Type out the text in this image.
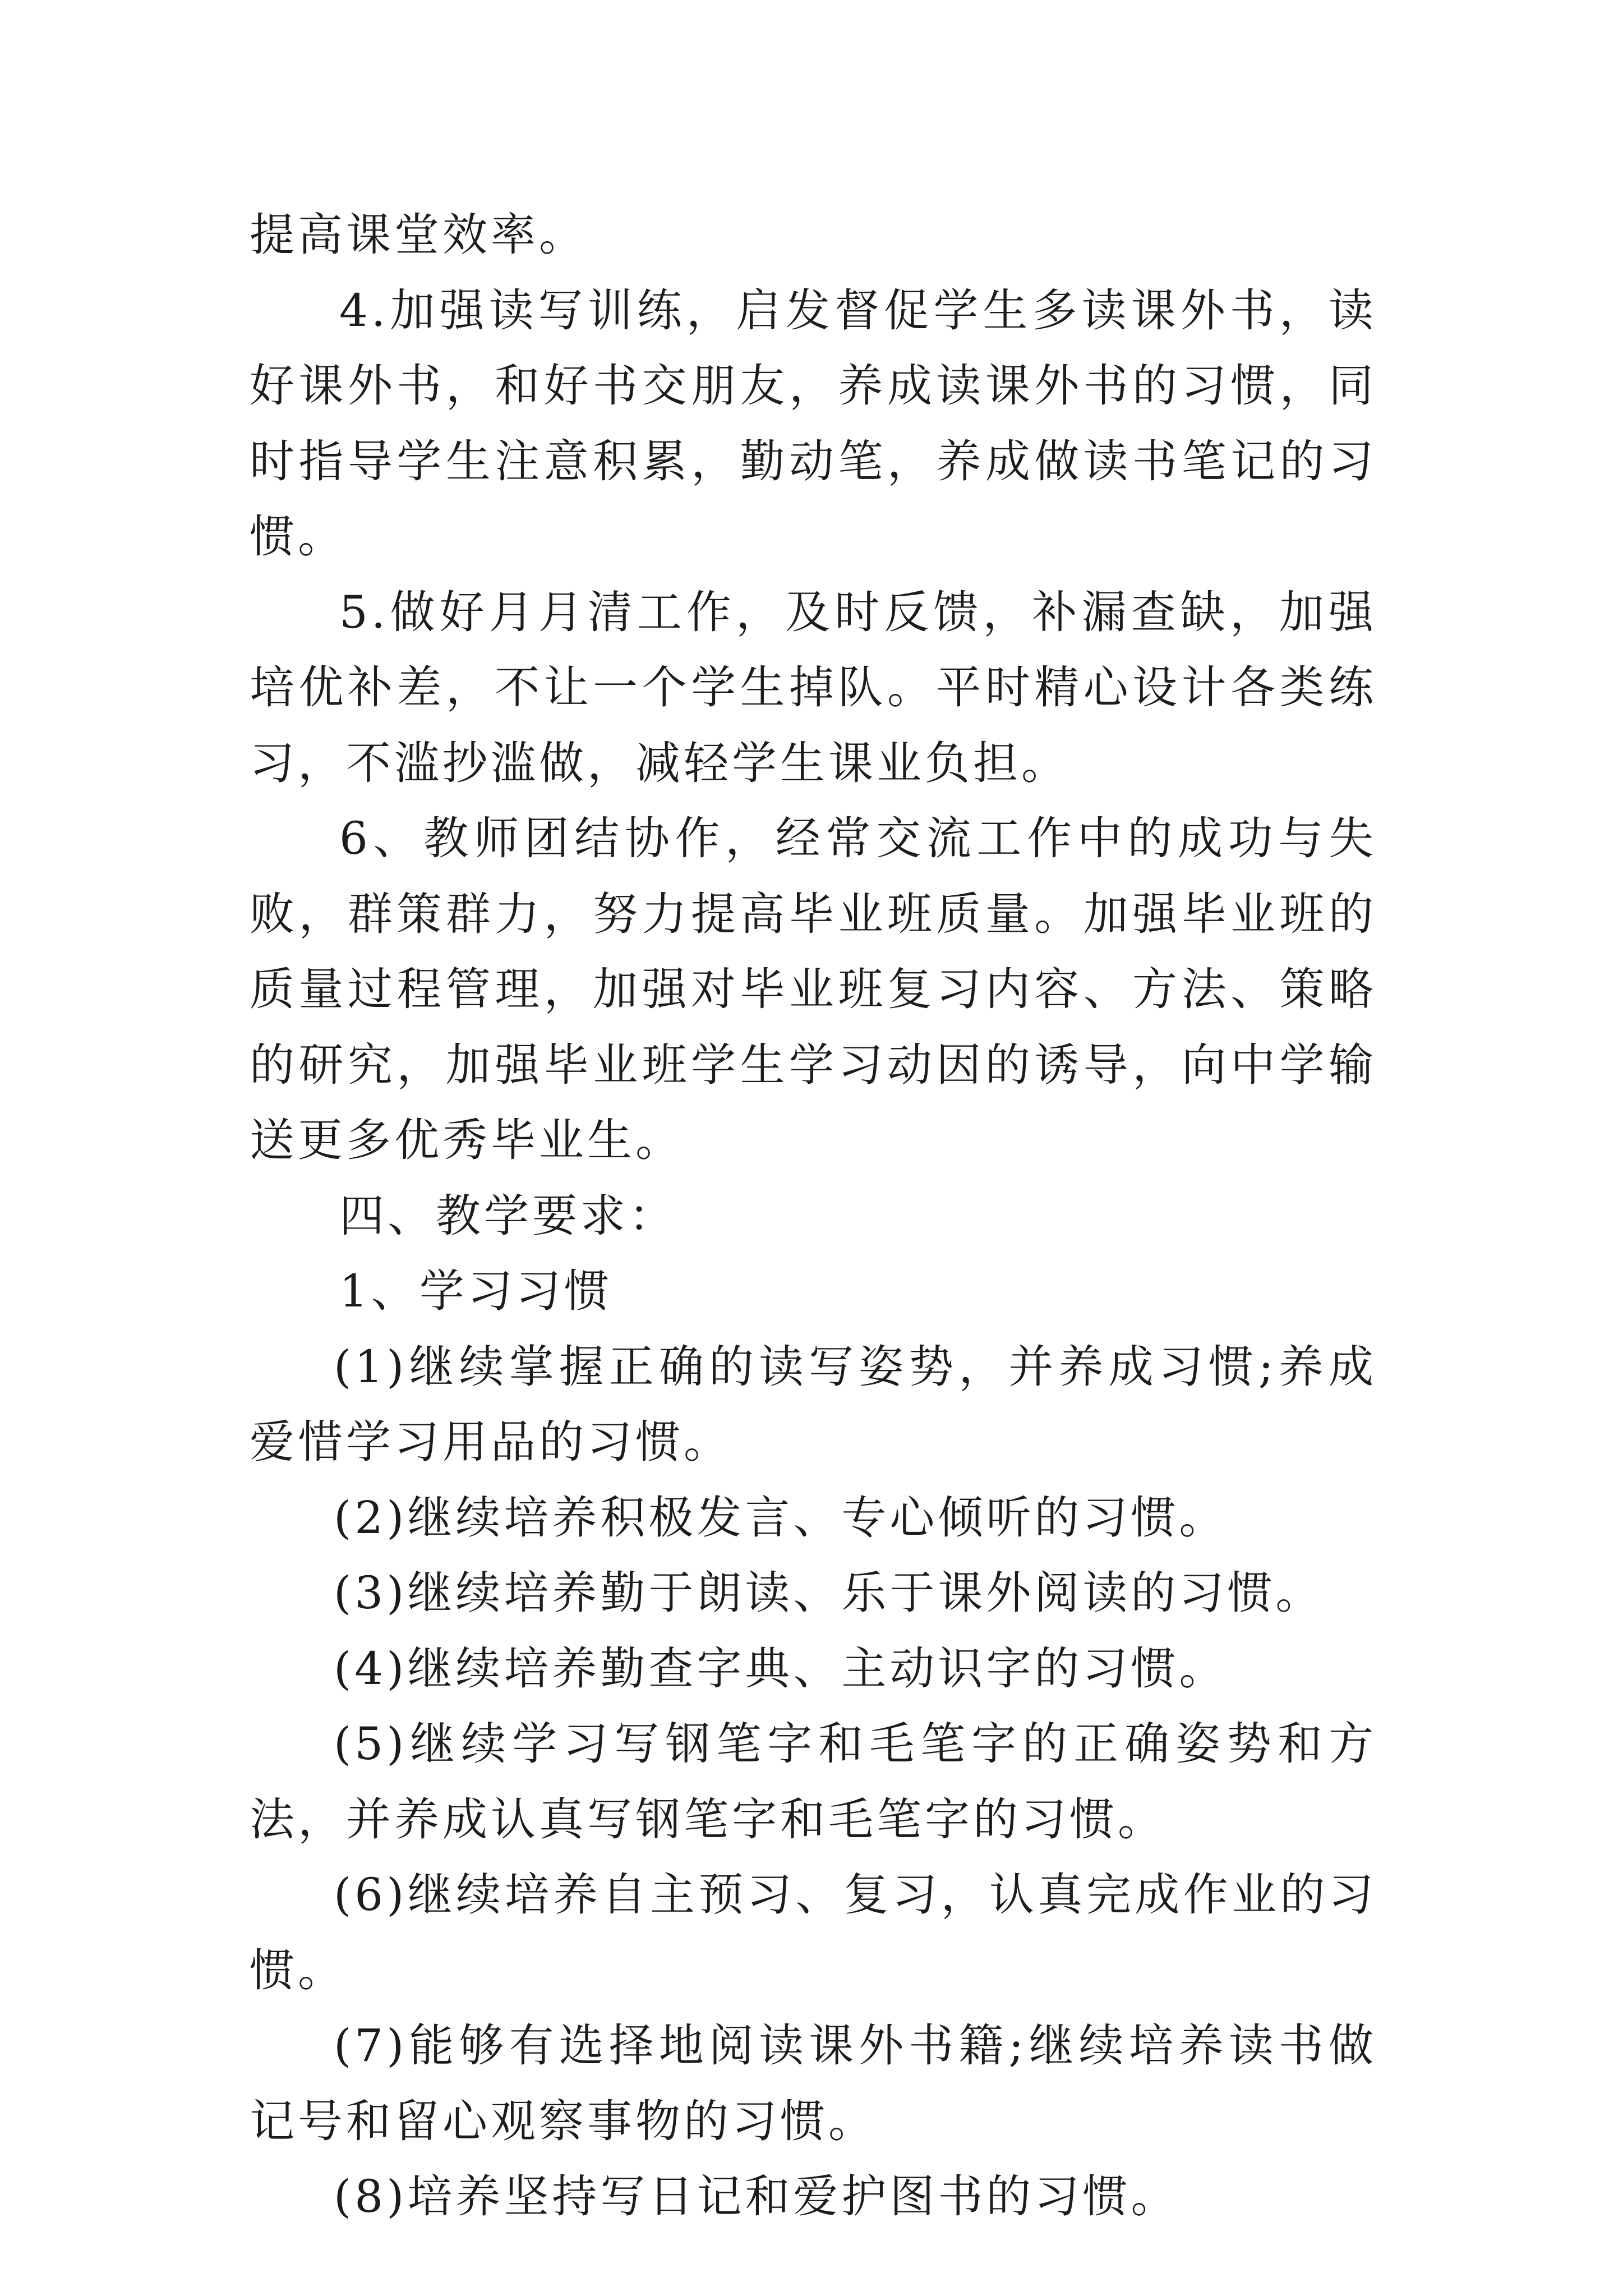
提高课堂效率。

4.加强读写训练，启发督促学生多读课外书，读好课外书，和好书交朋友，养成读课外书的习惯，同时指导学生注意积累，勤动笔，养成做读书笔记的习惯。

5.做好月月清工作，及时反馈，补漏查缺，加强培优补差，不让一个学生掉队。平时精心设计各类练习，不滥抄滥做，减轻学生课业负担。

6、教师团结协作，经常交流工作中的成功与失败，群策群力，努力提高毕业班质量。加强毕业班的质量过程管理，加强对毕业班复习内容、方法、策略的研究，加强毕业班学生学习动因的诱导，向中学输送更多优秀毕业生。

四、教学要求：

1、学习习惯

(1)继续掌握正确的读写姿势，并养成习惯;养成爱惜学习用品的习惯。

(2)继续培养积极发言、专心倾听的习惯。

(3)继续培养勤于朗读、乐于课外阅读的习惯。

(4)继续培养勤查字典、主动识字的习惯。

(5)继续学习写钢笔字和毛笔字的正确姿势和方法，并养成认真写钢笔字和毛笔字的习惯。

(6)继续培养自主预习、复习，认真完成作业的习惯。

(7)能够有选择地阅读课外书籍;继续培养读书做记号和留心观察事物的习惯。

(8)培养坚持写日记和爱护图书的习惯。
